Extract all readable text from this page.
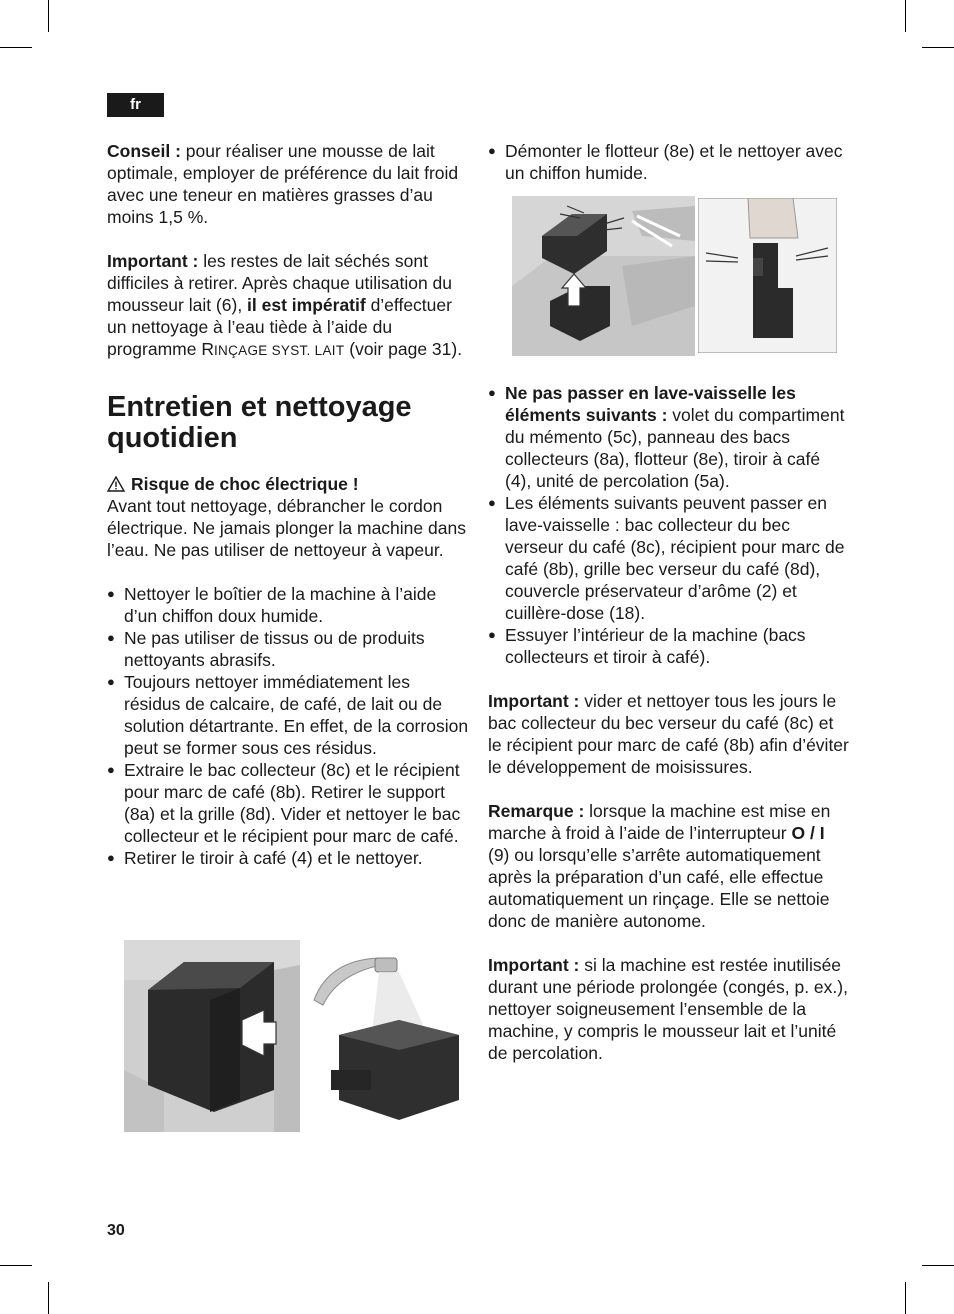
fr

Conseil : pour réaliser une mousse de lait optimale, employer de préférence du lait froid avec une teneur en matières grasses d’au moins 1,5 %.

Important : les restes de lait séchés sont difficiles à retirer. Après chaque utilisation du mousseur lait (6), il est impératif d’effectuer un nettoyage à l’eau tiède à l’aide du programme RINÇAGE SYST. LAIT (voir page 31).

Entretien et nettoyage quotidien

Risque de choc électrique !

Avant tout nettoyage, débrancher le cordon électrique. Ne jamais plonger la machine dans l’eau. Ne pas utiliser de nettoyeur à vapeur.

● Nettoyer le boîtier de la machine à l’aide d’un chiffon doux humide.
● Ne pas utiliser de tissus ou de produits nettoyants abrasifs.
● Toujours nettoyer immédiatement les résidus de calcaire, de café, de lait ou de solution détartrante. En effet, de la corrosion peut se former sous ces résidus.
● Extraire le bac collecteur (8c) et le récipient pour marc de café (8b). Retirer le support (8a) et la grille (8d). Vider et nettoyer le bac collecteur et le récipient pour marc de café.
● Retirer le tiroir à café (4) et le nettoyer.
● Démonter le flotteur (8e) et le nettoyer avec un chiffon humide.
● Ne pas passer en lave-vaisselle les éléments suivants : volet du compartiment du mémento (5c), panneau des bacs collecteurs (8a), flotteur (8e), tiroir à café (4), unité de percolation (5a).
● Les éléments suivants peuvent passer en lave-vaisselle : bac collecteur du bec verseur du café (8c), récipient pour marc de café (8b), grille bec verseur du café (8d), couvercle préservateur d’arôme (2) et cuillère-dose (18).
● Essuyer l’intérieur de la machine (bacs collecteurs et tiroir à café).

Important : vider et nettoyer tous les jours le bac collecteur du bec verseur du café (8c) et le récipient pour marc de café (8b) afin d’éviter le développement de moisissures.

Remarque : lorsque la machine est mise en marche à froid à l’aide de l’interrupteur O / I (9) ou lorsqu’elle s’arrête automatiquement après la préparation d’un café, elle effectue automatiquement un rinçage. Elle se nettoie donc de manière autonome.

Important : si la machine est restée inutilisée durant une période prolongée (congés, p. ex.), nettoyer soigneusement l’ensemble de la machine, y compris le mousseur lait et l’unité de percolation.

30
